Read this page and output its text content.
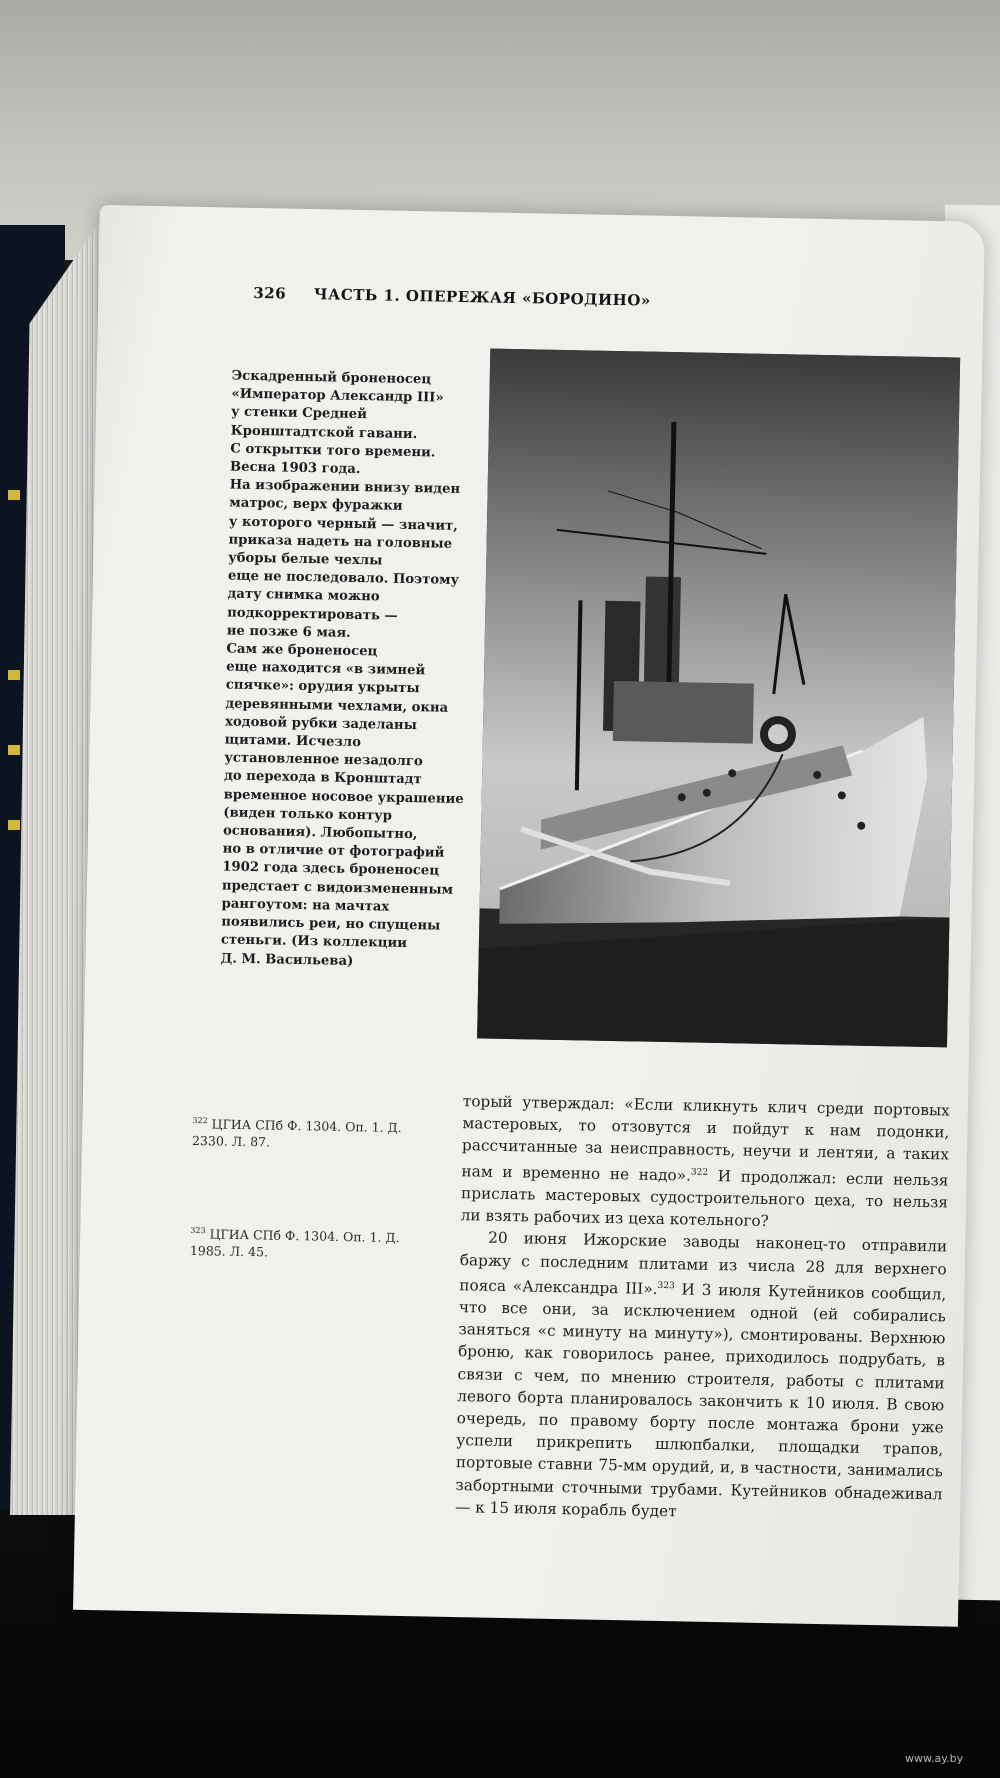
326 ЧАСТЬ 1. ОПЕРЕЖАЯ «БОРОДИНО»
Эскадренный броненосец
«Император Александр III»
у стенки Средней
Кронштадтской гавани.
С открытки того времени.
Весна 1903 года.
На изображении внизу виден
матрос, верх фуражки
у которого черный — значит,
приказа надеть на головные
уборы белые чехлы
еще не последовало. Поэтому
дату снимка можно
подкорректировать —
не позже 6 мая.
Сам же броненосец
еще находится «в зимней
спячке»: орудия укрыты
деревянными чехлами, окна
ходовой рубки заделаны
щитами. Исчезло
установленное незадолго
до перехода в Кронштадт
временное носовое украшение
(виден только контур
основания). Любопытно,
но в отличие от фотографий
1902 года здесь броненосец
предстает с видоизмененным
рангоутом: на мачтах
появились реи, но спущены
стеньги. (Из коллекции
Д. М. Васильева)
$^{322}$ ЦГИА СПб Ф. 1304. Оп. 1. Д. 2330. Л. 87.
$^{323}$ ЦГИА СПб Ф. 1304. Оп. 1. Д. 1985. Л. 45.

торый утверждал: «Если кликнуть клич среди портовых мастеровых, то отзовутся и пойдут к нам подонки, рассчитанные за неисправность, неучи и лентяи, а таких нам и временно не надо».$^{322}$ И продолжал: если нельзя прислать мастеровых судостроительного цеха, то нельзя ли взять рабочих из цеха котельного?

20 июня Ижорские заводы наконец-то отправили баржу с последним плитами из числа 28 для верхнего пояса «Александра III».$^{323}$ И 3 июля Кутейников сообщил, что все они, за исключением одной (ей собирались заняться «с минуту на минуту»), смонтированы. Верхнюю броню, как говорилось ранее, приходилось подрубать, в связи с чем, по мнению строителя, работы с плитами левого борта планировалось закончить к 10 июля. В свою очередь, по правому борту после монтажа брони уже успели прикрепить шлюпбалки, площадки трапов, портовые ставни 75-мм орудий, и, в частности, занимались забортными сточными трубами. Кутейников обнадеживал — к 15 июля корабль будет

www.ay.by
